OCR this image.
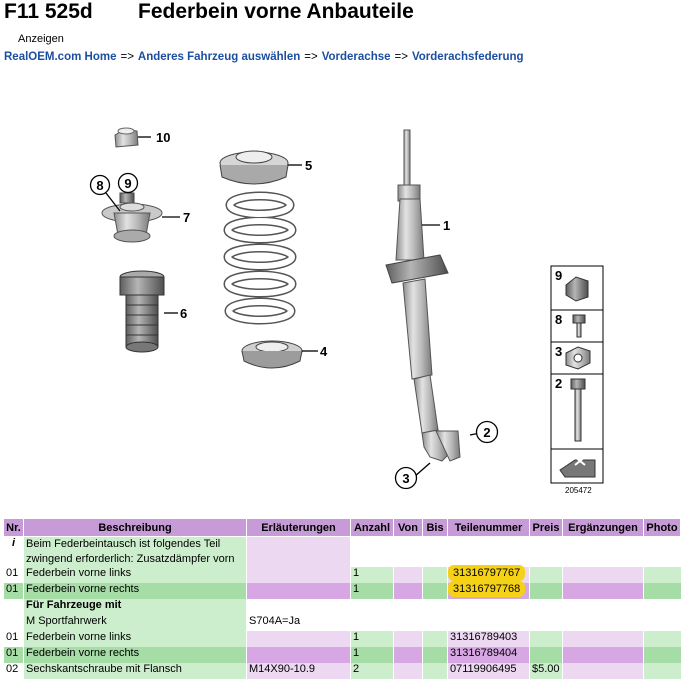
F11 525d Federbein vorne Anbauteile
Anzeigen
RealOEM.com Home => Anderes Fahrzeug auswählen => Vorderachse => Vorderachsfederung
10
9
8
7
6
5
4
1
2
3
9
8
3
2
205472
Nr.	Beschreibung	Erläuterungen	Anzahl	Von	Bis	Teilenummer	Preis	Ergänzungen	Photo
i	Beim Federbeintausch ist folgendes Teil zwingend erforderlich: Zusatzdämpfer vorn								
01	Federbein vorne links		1			31316797767			
01	Federbein vorne rechts		1			31316797768			
	Für Fahrzeuge mit								
	M Sportfahrwerk	S704A=Ja							
01	Federbein vorne links		1			31316789403			
01	Federbein vorne rechts		1			31316789404			
02	Sechskantschraube mit Flansch	M14X90-10.9	2			07119906495	$5.00		
